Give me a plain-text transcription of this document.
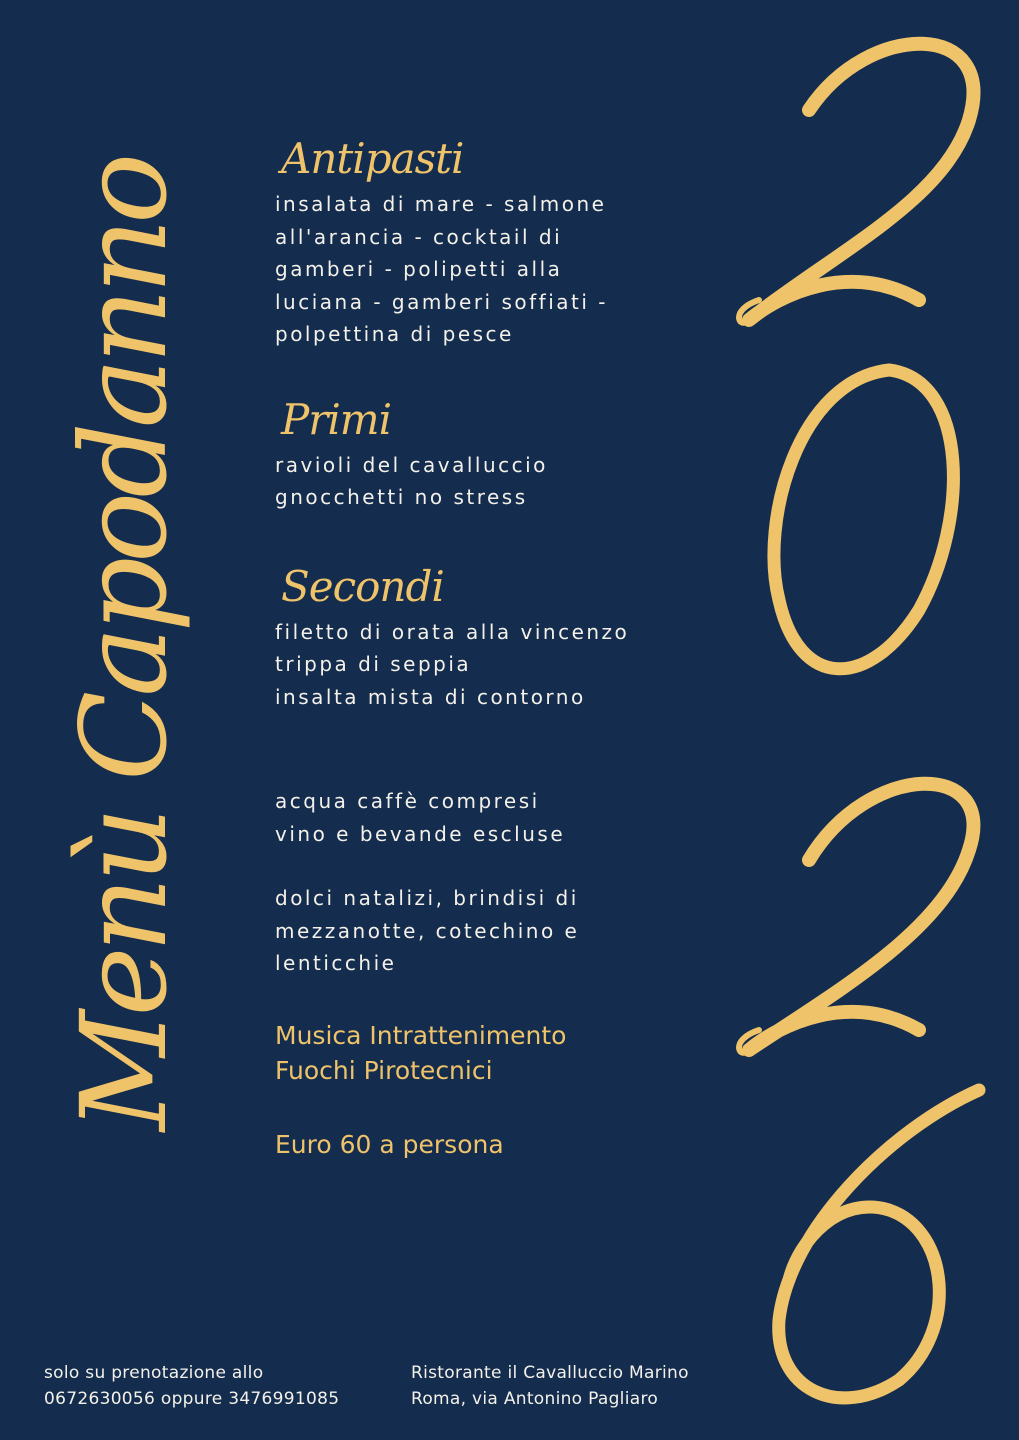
Menù Capodanno
Antipasti
insalata di mare - salmone
all'arancia - cocktail di
gamberi - polipetti alla
luciana - gamberi soffiati -
polpettina di pesce
Primi
ravioli del cavalluccio
gnocchetti no stress
Secondi
filetto di orata alla vincenzo
trippa di seppia
insalta mista di contorno
acqua caffè compresi
vino e bevande escluse
dolci natalizi, brindisi di
mezzanotte, cotechino e
lenticchie
Musica Intrattenimento
Fuochi Pirotecnici
Euro 60 a persona
solo su prenotazione allo
0672630056 oppure 3476991085
Ristorante il Cavalluccio Marino
Roma, via Antonino Pagliaro
